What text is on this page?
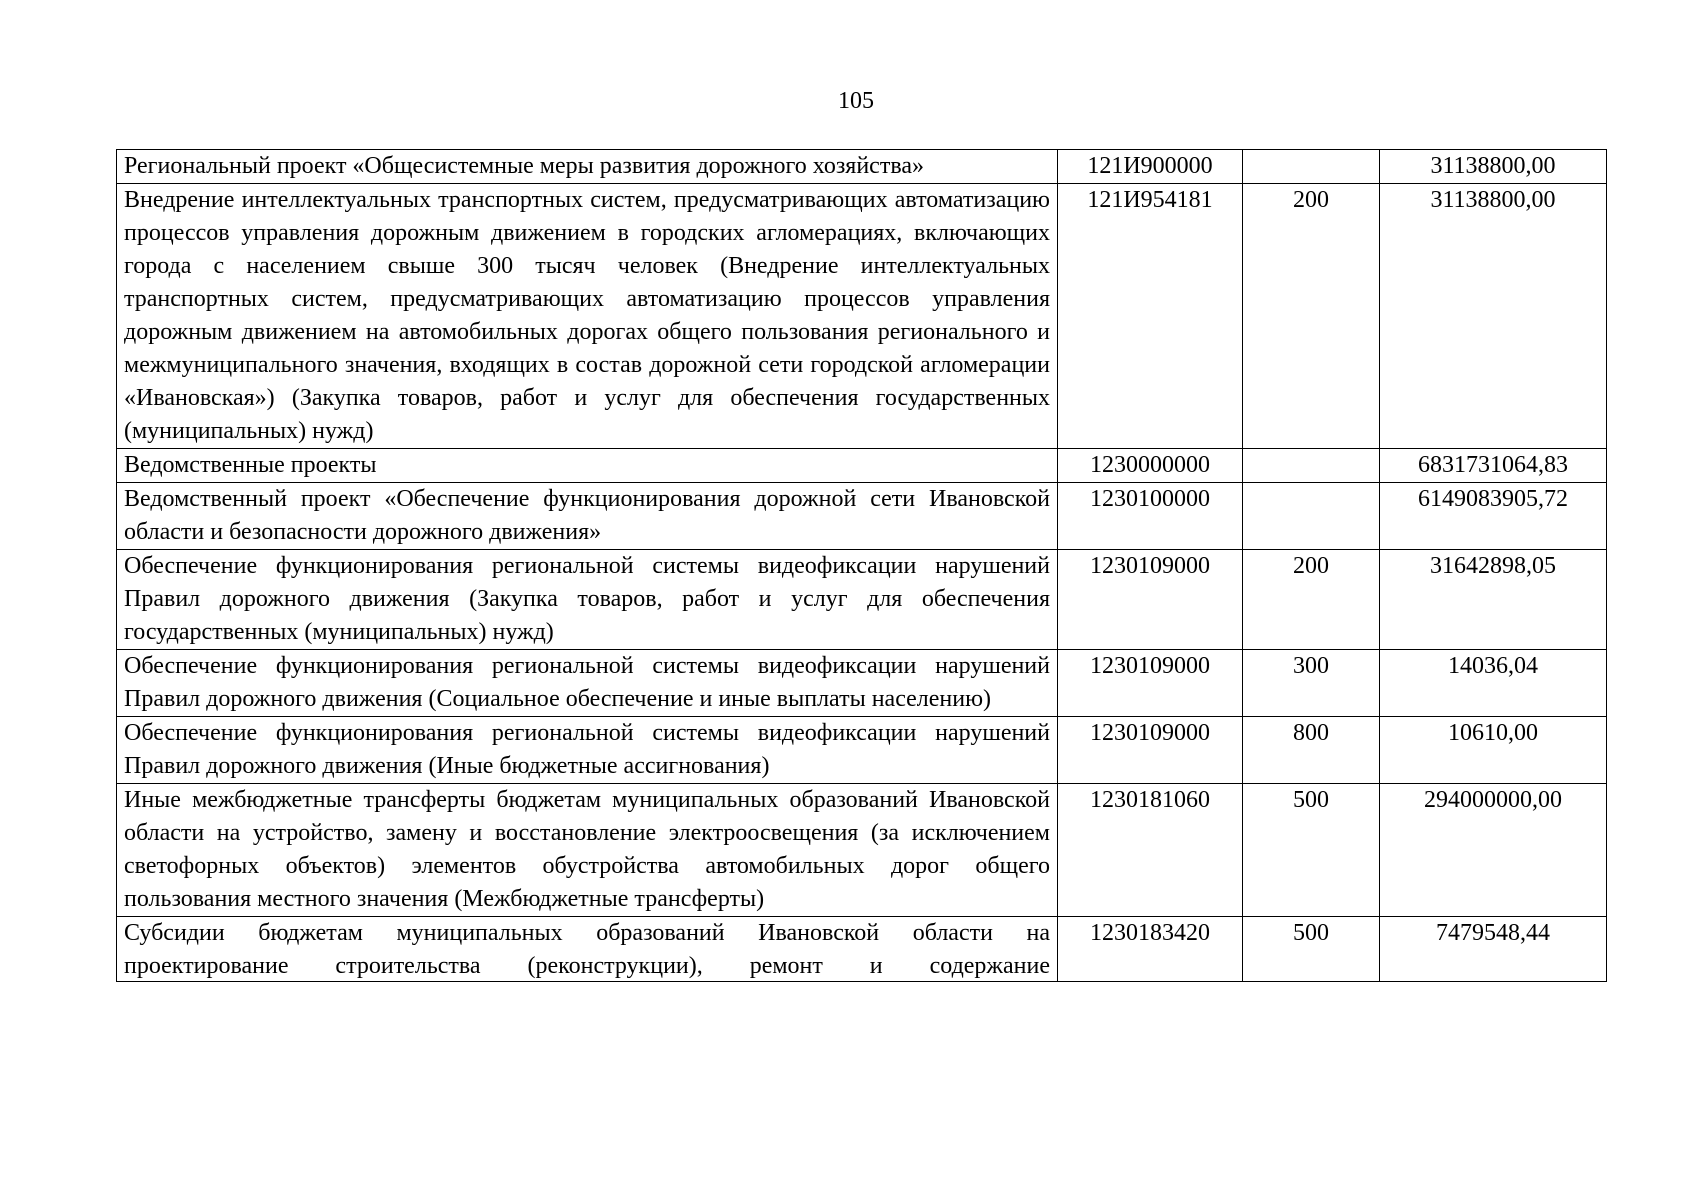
105
Региональный проект «Общесистемные меры развития дорожного хозяйства»	121И900000		31138800,00
Внедрение интеллектуальных транспортных систем, предусматривающих автоматизацию процессов управления дорожным движением в городских агломерациях, включающих города с населением свыше 300 тысяч человек (Внедрение интеллектуальных транспортных систем, предусматривающих автоматизацию процессов управления дорожным движением на автомобильных дорогах общего пользования регионального и межмуниципального значения, входящих в состав дорожной сети городской агломерации «Ивановская») (Закупка товаров, работ и услуг для обеспечения государственных (муниципальных) нужд)	121И954181	200	31138800,00
Ведомственные проекты	1230000000		6831731064,83
Ведомственный проект «Обеспечение функционирования дорожной сети Ивановской области и безопасности дорожного движения»	1230100000		6149083905,72
Обеспечение функционирования региональной системы видеофиксации нарушений Правил дорожного движения (Закупка товаров, работ и услуг для обеспечения государственных (муниципальных) нужд)	1230109000	200	31642898,05
Обеспечение функционирования региональной системы видеофиксации нарушений Правил дорожного движения (Социальное обеспечение и иные выплаты населению)	1230109000	300	14036,04
Обеспечение функционирования региональной системы видеофиксации нарушений Правил дорожного движения (Иные бюджетные ассигнования)	1230109000	800	10610,00
Иные межбюджетные трансферты бюджетам муниципальных образований Ивановской области на устройство, замену и восстановление электроосвещения (за исключением светофорных объектов) элементов обустройства автомобильных дорог общего пользования местного значения (Межбюджетные трансферты)	1230181060	500	294000000,00

Субсидии бюджетам муниципальных образований Ивановской области на проектирование строительства (реконструкции), ремонт и содержание	1230183420	500	7479548,44
